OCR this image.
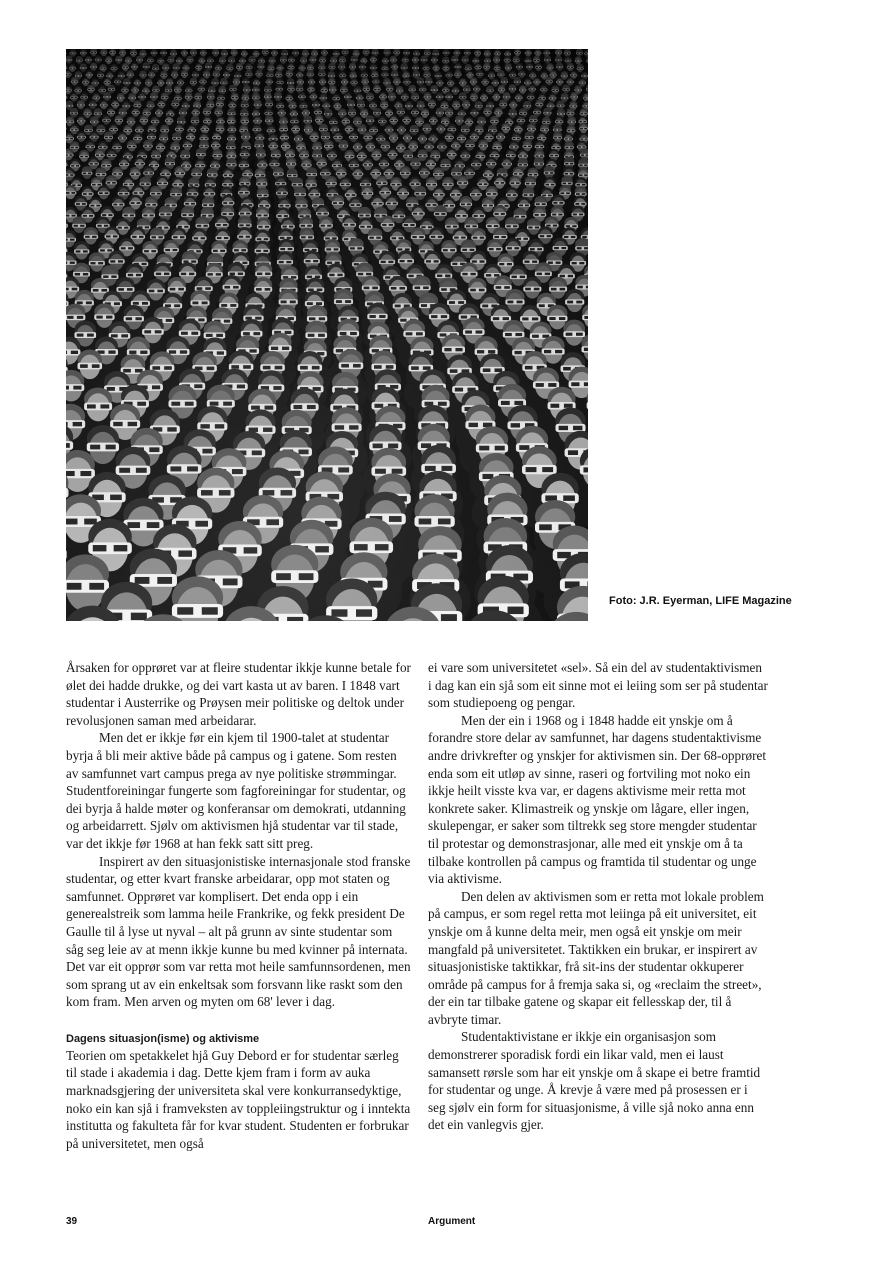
Foto: J.R. Eyerman, LIFE Magazine

Årsaken for opprøret var at fleire studentar ikkje kunne betale for ølet dei hadde drukke, og dei vart kasta ut av baren. I 1848 vart studentar i Austerrike og Prøysen meir politiske og deltok under revolusjonen saman med arbeidarar.

Men det er ikkje før ein kjem til 1900-talet at studentar byrja å bli meir aktive både på campus og i gatene. Som resten av samfunnet vart campus prega av nye politiske strømmingar. Studentforeiningar fungerte som fagforeiningar for studentar, og dei byrja å halde møter og konferansar om demokrati, utdanning og arbeidarrett. Sjølv om aktivismen hjå studentar var til stade, var det ikkje før 1968 at han fekk satt sitt preg.

Inspirert av den situasjonistiske internasjonale stod franske studentar, og etter kvart franske arbeidarar, opp mot staten og samfunnet. Opprøret var komplisert. Det enda opp i ein generealstreik som lamma heile Frankrike, og fekk president De Gaulle til å lyse ut nyval – alt på grunn av sinte studentar som såg seg leie av at menn ikkje kunne bu med kvinner på internata. Det var eit opprør som var retta mot heile samfunnsordenen, men som sprang ut av ein enkeltsak som forsvann like raskt som den kom fram. Men arven og myten om 68' lever i dag.

Dagens situasjon(isme) og aktivisme

Teorien om spetakkelet hjå Guy Debord er for studentar særleg til stade i akademia i dag. Dette kjem fram i form av auka marknadsgjering der universiteta skal vere konkurransedyktige, noko ein kan sjå i framveksten av toppleiingstruktur og i inntekta institutta og fakulteta får for kvar student. Studenten er forbrukar på universitetet, men også

ei vare som universitetet «sel». Så ein del av studentaktivismen i dag kan ein sjå som eit sinne mot ei leiing som ser på studentar som studiepoeng og pengar.

Men der ein i 1968 og i 1848 hadde eit ynskje om å forandre store delar av samfunnet, har dagens studentaktivisme andre drivkrefter og ynskjer for aktivismen sin. Der 68-opprøret enda som eit utløp av sinne, raseri og fortviling mot noko ein ikkje heilt visste kva var, er dagens aktivisme meir retta mot konkrete saker. Klimastreik og ynskje om lågare, eller ingen, skulepengar, er saker som tiltrekk seg store mengder studentar til protestar og demonstrasjonar, alle med eit ynskje om å ta tilbake kontrollen på campus og framtida til studentar og unge via aktivisme.

Den delen av aktivismen som er retta mot lokale problem på campus, er som regel retta mot leiinga på eit universitet, eit ynskje om å kunne delta meir, men også eit ynskje om meir mangfald på universitetet. Taktikken ein brukar, er inspirert av situasjonistiske taktikkar, frå sit-ins der studentar okkuperer område på campus for å fremja saka si, og «reclaim the street», der ein tar tilbake gatene og skapar eit fellesskap der, til å avbryte timar.

Studentaktivistane er ikkje ein organisasjon som demonstrerer sporadisk fordi ein likar vald, men ei laust samansett rørsle som har eit ynskje om å skape ei betre framtid for studentar og unge. Å krevje å være med på prosessen er i seg sjølv ein form for situasjonisme, å ville sjå noko anna enn det ein vanlegvis gjer.

39	Argument
